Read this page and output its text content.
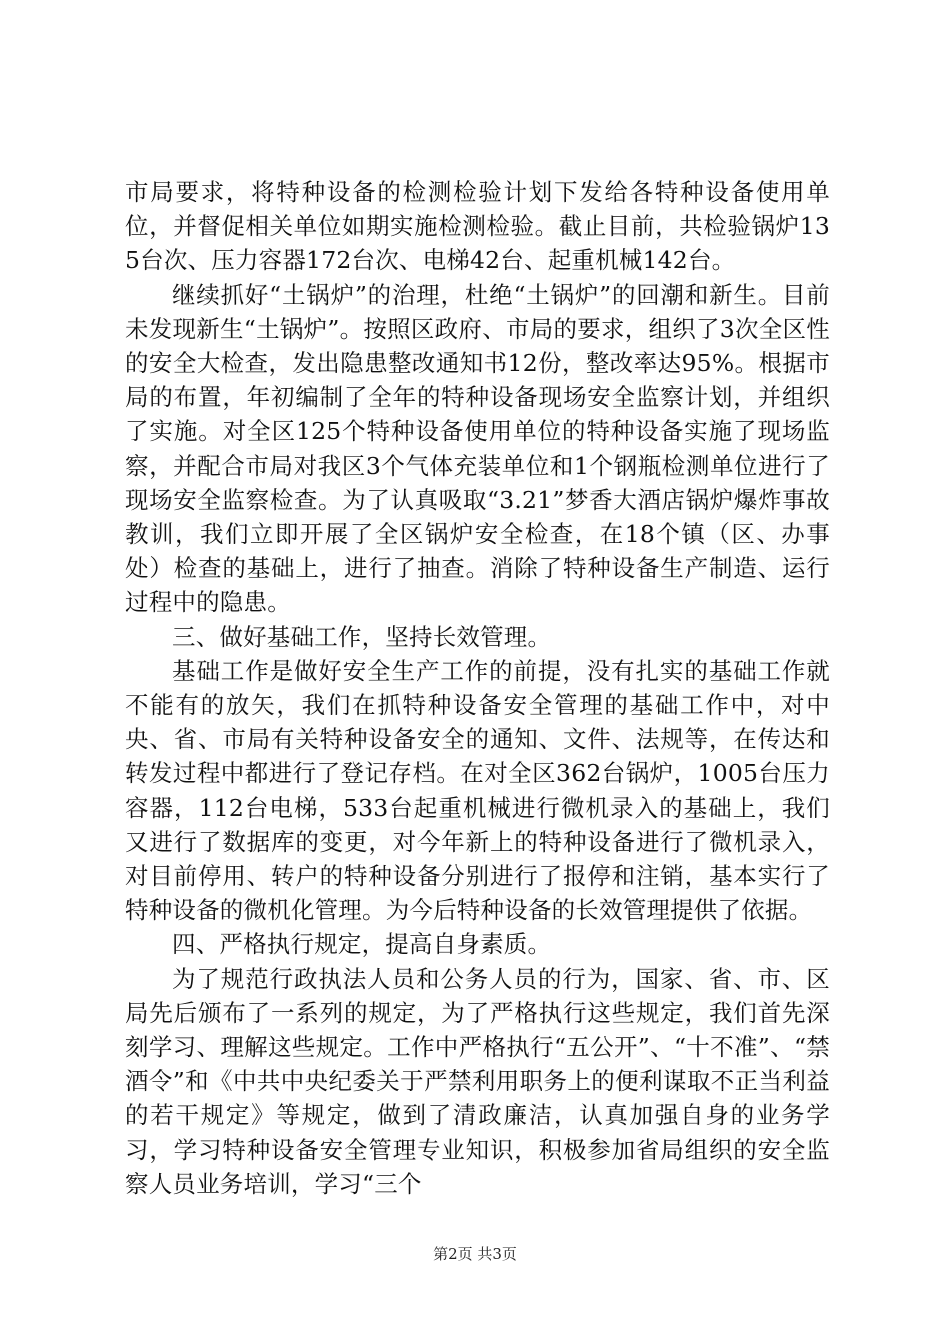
市局要求，将特种设备的检测检验计划下发给各特种设备使用单位，并督促相关单位如期实施检测检验。截止目前，共检验锅炉135台次、压力容器172台次、电梯42台、起重机械142台。

继续抓好“土锅炉”的治理，杜绝“土锅炉”的回潮和新生。目前未发现新生“土锅炉”。按照区政府、市局的要求，组织了3次全区性的安全大检查，发出隐患整改通知书12份，整改率达95%。根据市局的布置，年初编制了全年的特种设备现场安全监察计划，并组织了实施。对全区125个特种设备使用单位的特种设备实施了现场监察，并配合市局对我区3个气体充装单位和1个钢瓶检测单位进行了现场安全监察检查。为了认真吸取“3.21”梦香大酒店锅炉爆炸事故教训，我们立即开展了全区锅炉安全检查，在18个镇（区、办事处）检查的基础上，进行了抽查。消除了特种设备生产制造、运行过程中的隐患。

三、做好基础工作，坚持长效管理。

基础工作是做好安全生产工作的前提，没有扎实的基础工作就不能有的放矢，我们在抓特种设备安全管理的基础工作中，对中央、省、市局有关特种设备安全的通知、文件、法规等，在传达和转发过程中都进行了登记存档。在对全区362台锅炉，1005台压力容器，112台电梯，533台起重机械进行微机录入的基础上，我们又进行了数据库的变更，对今年新上的特种设备进行了微机录入，对目前停用、转户的特种设备分别进行了报停和注销，基本实行了特种设备的微机化管理。为今后特种设备的长效管理提供了依据。

四、严格执行规定，提高自身素质。

为了规范行政执法人员和公务人员的行为，国家、省、市、区局先后颁布了一系列的规定，为了严格执行这些规定，我们首先深刻学习、理解这些规定。工作中严格执行“五公开”、“十不准”、“禁酒令”和《中共中央纪委关于严禁利用职务上的便利谋取不正当利益的若干规定》等规定，做到了清政廉洁，认真加强自身的业务学习，学习特种设备安全管理专业知识，积极参加省局组织的安全监察人员业务培训，学习“三个

第2页 共3页
